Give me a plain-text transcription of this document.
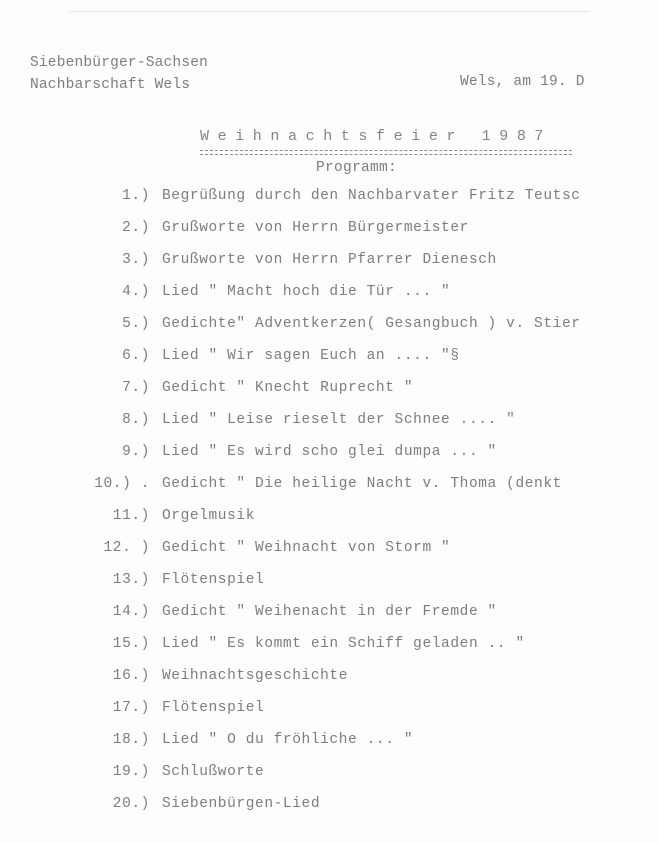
Siebenbürger-Sachsen
Nachbarschaft Wels	Wels, am 19. D
Weihnachtsfeier 1987
Programm:
1.) Begrüßung durch den Nachbarvater Fritz Teutsc
2.) Grußworte von Herrn Bürgermeister
3.) Grußworte von Herrn Pfarrer Dienesch
4.) Lied " Macht hoch die Tür ... "
5.) Gedichte" Adventkerzen( Gesangbuch ) v. Stier
6.) Lied " Wir sagen Euch an .... "§
7.) Gedicht " Knecht Ruprecht "
8.) Lied " Leise rieselt der Schnee .... "
9.) Lied " Es wird scho glei dumpa ... "
10.) . Gedicht " Die heilige Nacht v. Thoma (denkt
11.) Orgelmusik
12. ) Gedicht " Weihnacht von Storm "
13.) Flötenspiel
14.) Gedicht " Weihenacht in der Fremde "
15.) Lied " Es kommt ein Schiff geladen .. "
16.) Weihnachtsgeschichte
17.) Flötenspiel
18.) Lied " O du fröhliche ... "
19.) Schlußworte
20.) Siebenbürgen-Lied
